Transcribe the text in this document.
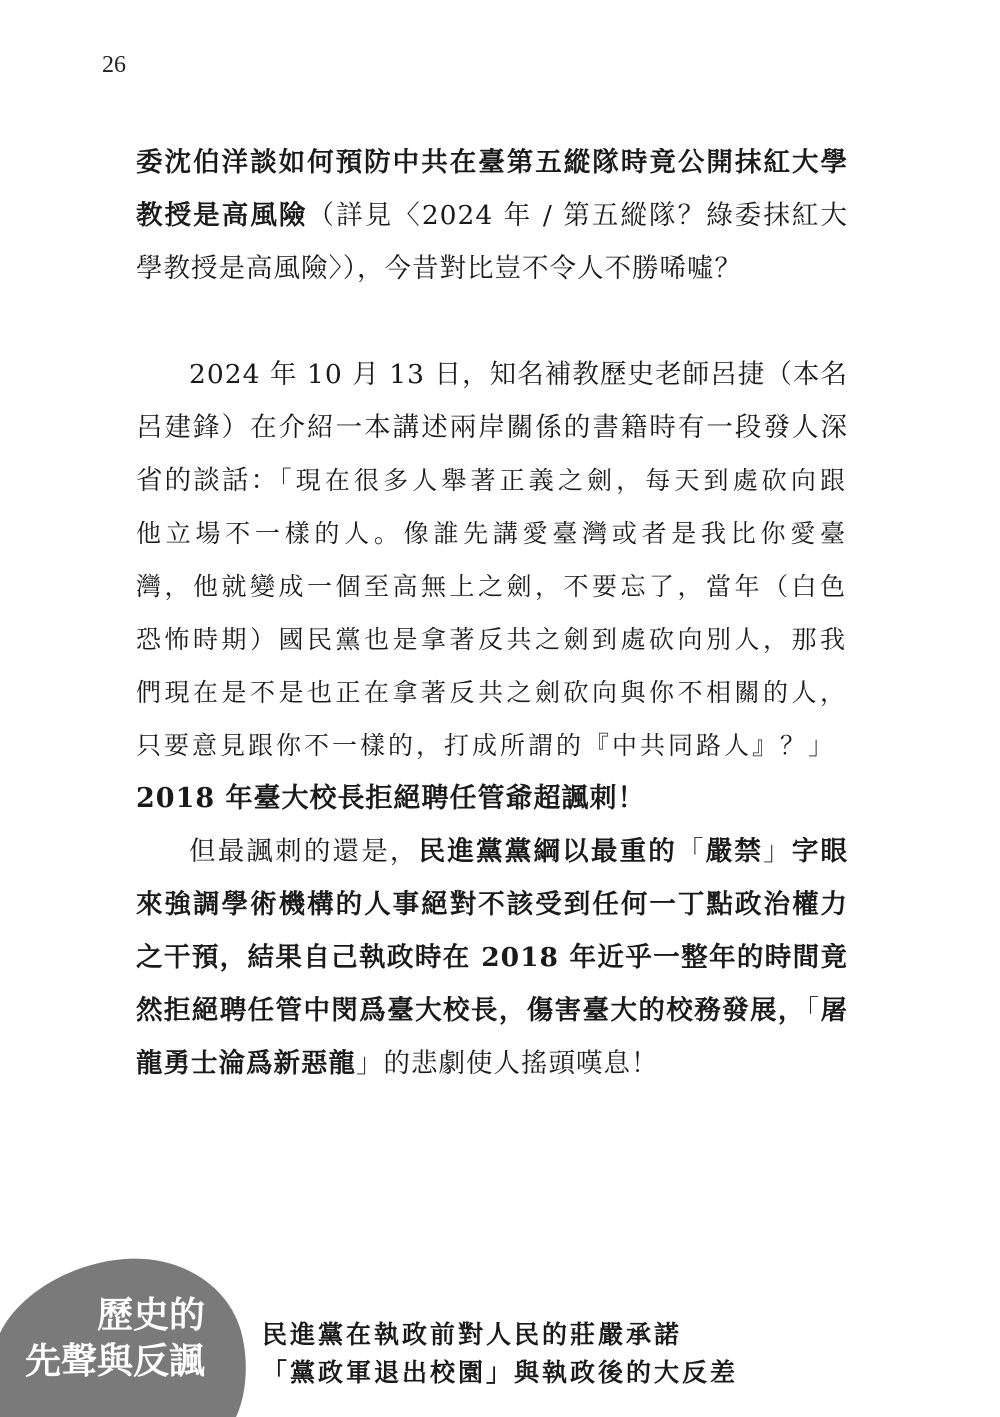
26

委沈伯洋談如何預防中共在臺第五縱隊時竟公開抹紅大學教授是高風險（詳見〈2024 年 / 第五縱隊？綠委抹紅大學教授是高風險〉），今昔對比豈不令人不勝唏噓？

2024 年 10 月 13 日，知名補教歷史老師呂捷（本名呂建鋒）在介紹一本講述兩岸關係的書籍時有一段發人深省的談話：「現在很多人舉著正義之劍，每天到處砍向跟他立場不一樣的人。像誰先講愛臺灣或者是我比你愛臺灣，他就變成一個至高無上之劍，不要忘了，當年（白色恐怖時期）國民黨也是拿著反共之劍到處砍向別人，那我們現在是不是也正在拿著反共之劍砍向與你不相關的人，只要意見跟你不一樣的，打成所謂的『中共同路人』？」

2018 年臺大校長拒絕聘任管爺超諷刺！

但最諷刺的還是，民進黨黨綱以最重的「嚴禁」字眼來強調學術機構的人事絕對不該受到任何一丁點政治權力之干預，結果自己執政時在 2018 年近乎一整年的時間竟然拒絕聘任管中閔爲臺大校長，傷害臺大的校務發展，「屠龍勇士淪爲新惡龍」的悲劇使人搖頭嘆息！

歷史的
先聲與反諷
民進黨在執政前對人民的莊嚴承諾
「黨政軍退出校園」與執政後的大反差
